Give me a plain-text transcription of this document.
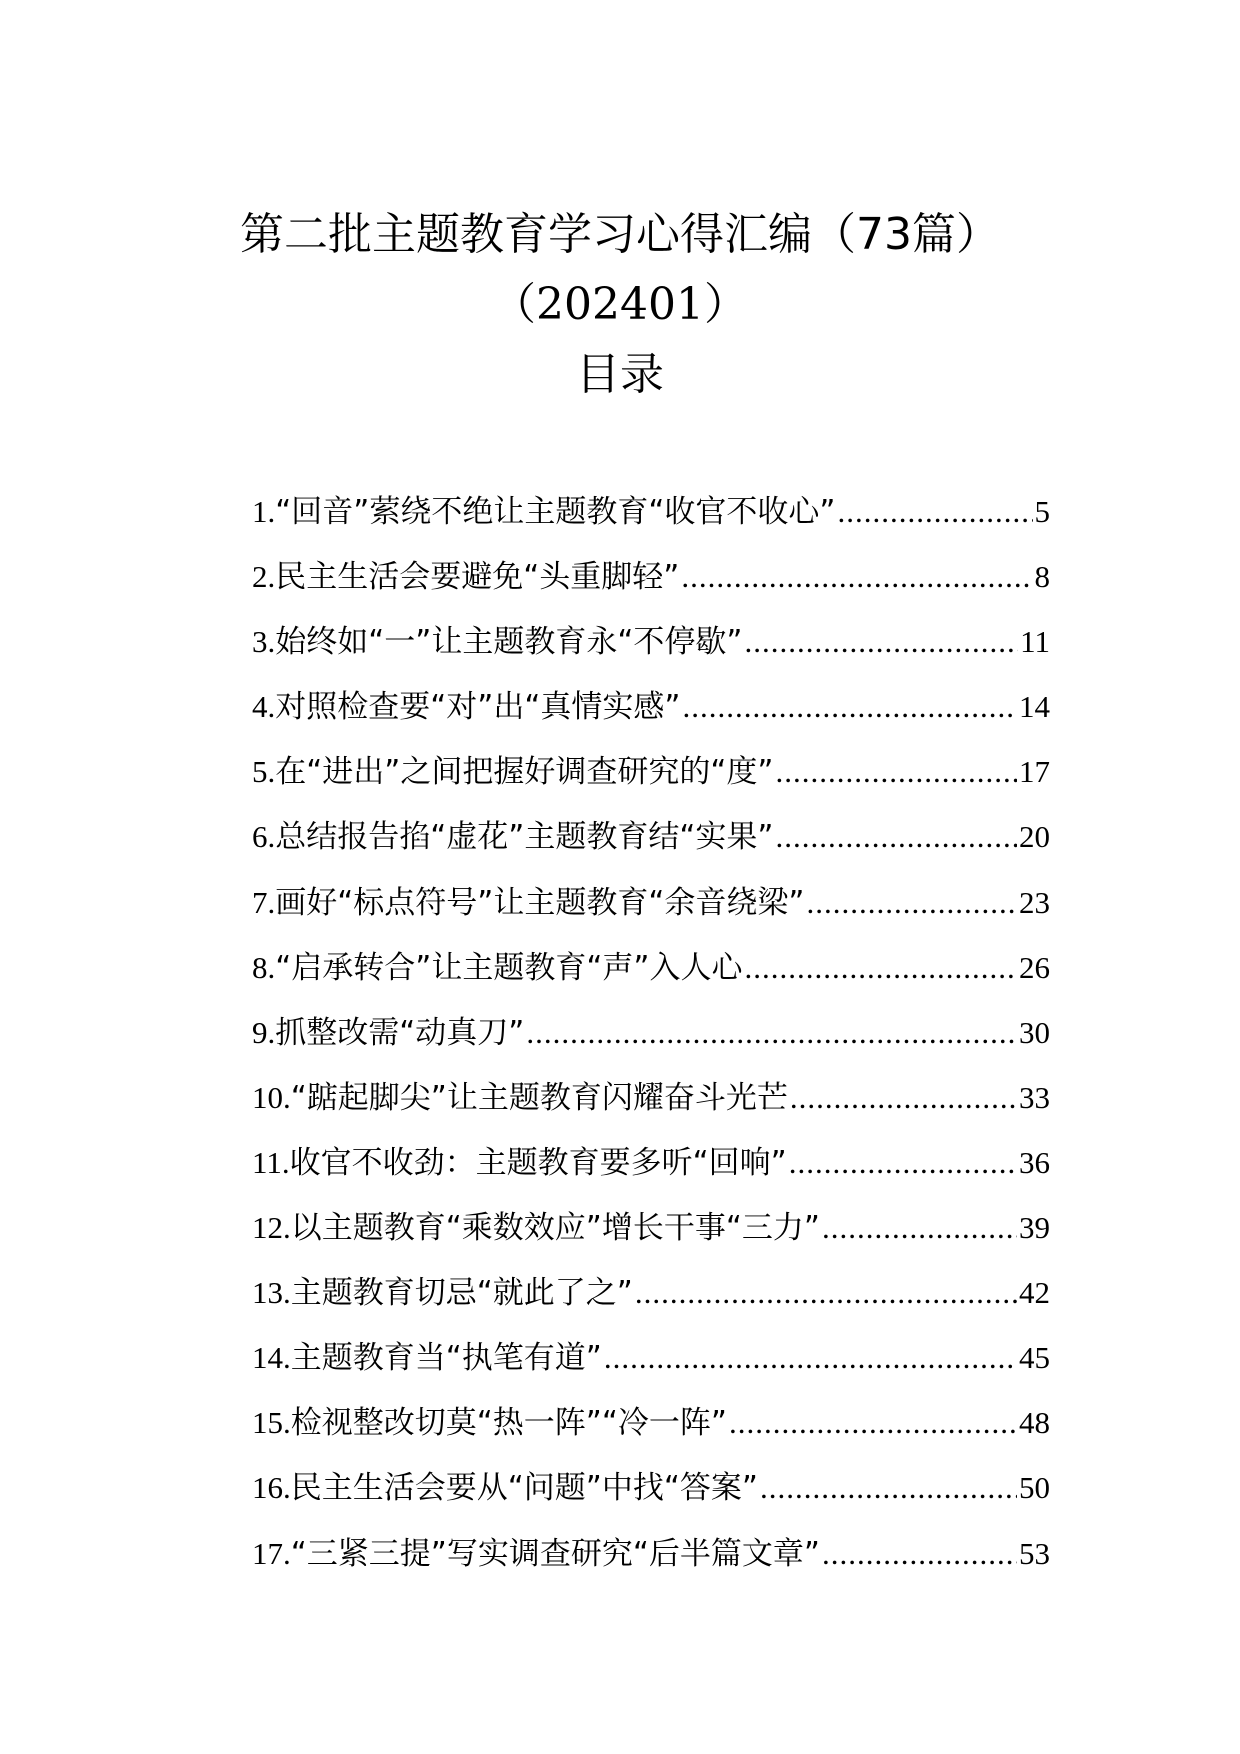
第二批主题教育学习心得汇编（73篇）
（202401）
目录
1. “回音”萦绕不绝让主题教育“收官不收心” .....	5
2. 民主生活会要避免“头重脚轻” .....	8
3. 始终如“一”让主题教育永“不停歇” .....	11
4. 对照检查要“对”出“真情实感” .....	14
5. 在“进出”之间把握好调查研究的“度” .....	17
6. 总结报告掐“虚花”主题教育结“实果” .....	20
7. 画好“标点符号”让主题教育“余音绕梁” .....	23
8. “启承转合”让主题教育“声”入人心 .....	26
9. 抓整改需“动真刀” .....	30
10. “踮起脚尖”让主题教育闪耀奋斗光芒 .....	33
11. 收官不收劲：主题教育要多听“回响” .....	36
12. 以主题教育“乘数效应”增长干事“三力” .....	39
13. 主题教育切忌“就此了之” .....	42
14. 主题教育当“执笔有道” .....	45
15. 检视整改切莫“热一阵”“冷一阵” .....	48
16. 民主生活会要从“问题”中找“答案” .....	50
17. “三紧三提”写实调查研究“后半篇文章” .....	53
